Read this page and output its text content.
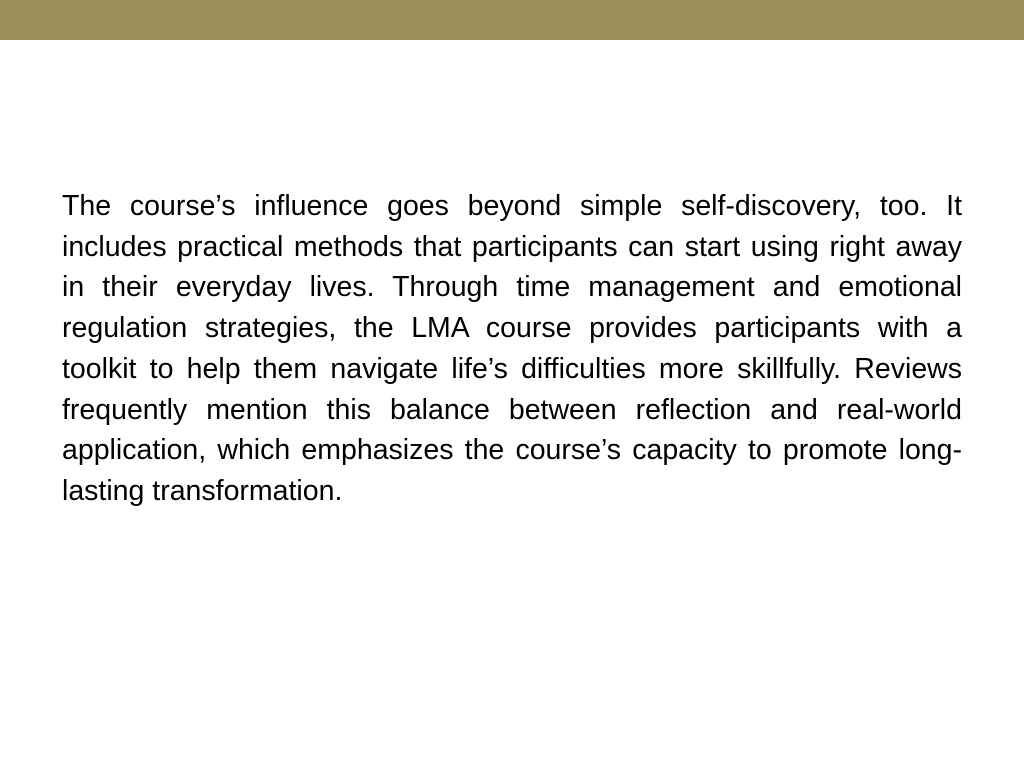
The course’s influence goes beyond simple self-discovery, too. It includes practical methods that participants can start using right away in their everyday lives. Through time management and emotional regulation strategies, the LMA course provides participants with a toolkit to help them navigate life’s difficulties more skillfully. Reviews frequently mention this balance between reflection and real-world application, which emphasizes the course’s capacity to promote long-lasting transformation.
